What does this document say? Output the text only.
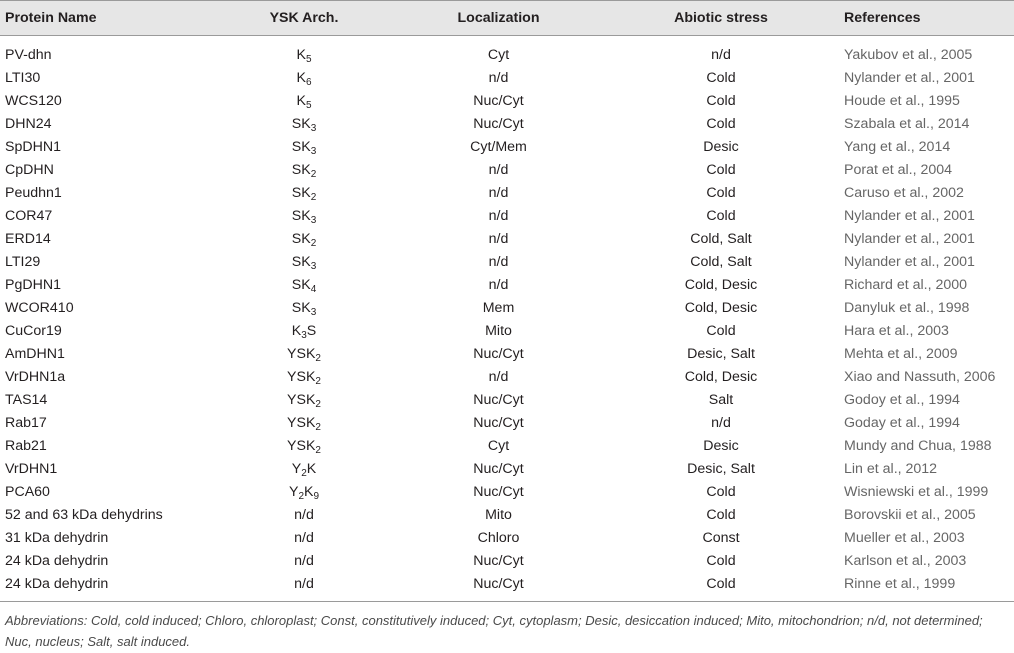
Protein Name	YSK Arch.	Localization	Abiotic stress	References
PV-dhn	$K_5$	Cyt	n/d	Yakubov et al., 2005
LTI30	$K_6$	n/d	Cold	Nylander et al., 2001
WCS120	$K_5$	Nuc/Cyt	Cold	Houde et al., 1995
DHN24	$SK_3$	Nuc/Cyt	Cold	Szabala et al., 2014
SpDHN1	$SK_3$	Cyt/Mem	Desic	Yang et al., 2014
CpDHN	$SK_2$	n/d	Cold	Porat et al., 2004
Peudhn1	$SK_2$	n/d	Cold	Caruso et al., 2002
COR47	$SK_3$	n/d	Cold	Nylander et al., 2001
ERD14	$SK_2$	n/d	Cold, Salt	Nylander et al., 2001
LTI29	$SK_3$	n/d	Cold, Salt	Nylander et al., 2001
PgDHN1	$SK_4$	n/d	Cold, Desic	Richard et al., 2000
WCOR410	$SK_3$	Mem	Cold, Desic	Danyluk et al., 1998
CuCor19	$K_3S$	Mito	Cold	Hara et al., 2003
AmDHN1	$YSK_2$	Nuc/Cyt	Desic, Salt	Mehta et al., 2009
VrDHN1a	$YSK_2$	n/d	Cold, Desic	Xiao and Nassuth, 2006
TAS14	$YSK_2$	Nuc/Cyt	Salt	Godoy et al., 1994
Rab17	$YSK_2$	Nuc/Cyt	n/d	Goday et al., 1994
Rab21	$YSK_2$	Cyt	Desic	Mundy and Chua, 1988
VrDHN1	$Y_2K$	Nuc/Cyt	Desic, Salt	Lin et al., 2012
PCA60	$Y_2K_9$	Nuc/Cyt	Cold	Wisniewski et al., 1999
52 and 63 kDa dehydrins	n/d	Mito	Cold	Borovskii et al., 2005
31 kDa dehydrin	n/d	Chloro	Const	Mueller et al., 2003
24 kDa dehydrin	n/d	Nuc/Cyt	Cold	Karlson et al., 2003
24 kDa dehydrin	n/d	Nuc/Cyt	Cold	Rinne et al., 1999
Abbreviations: Cold, cold induced; Chloro, chloroplast; Const, constitutively induced; Cyt, cytoplasm; Desic, desiccation induced; Mito, mitochondrion; n/d, not determined; Nuc, nucleus; Salt, salt induced.
